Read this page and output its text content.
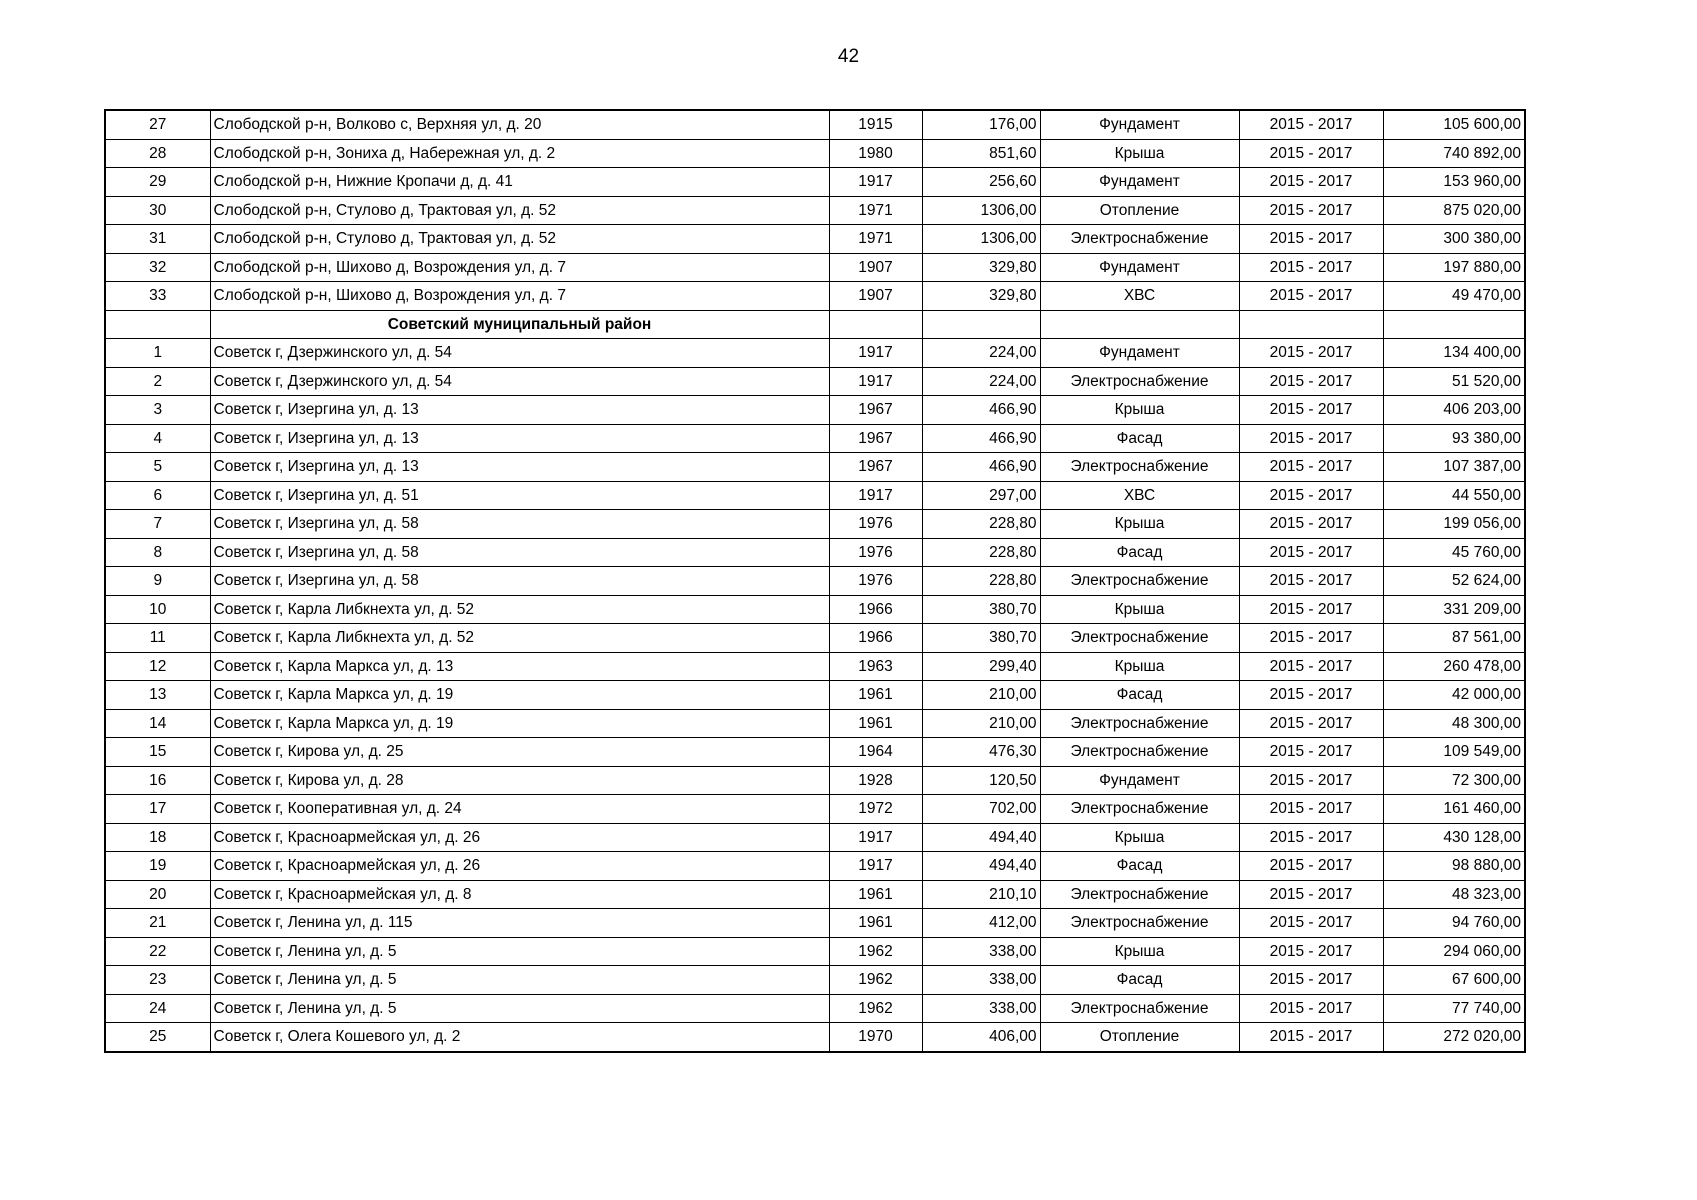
42
27	Слободской р-н, Волково с, Верхняя ул, д. 20	1915	176,00	Фундамент	2015 - 2017	105 600,00
28	Слободской р-н, Зониха д, Набережная ул, д. 2	1980	851,60	Крыша	2015 - 2017	740 892,00
29	Слободской р-н, Нижние Кропачи д, д. 41	1917	256,60	Фундамент	2015 - 2017	153 960,00
30	Слободской р-н, Стулово д, Трактовая ул, д. 52	1971	1306,00	Отопление	2015 - 2017	875 020,00
31	Слободской р-н, Стулово д, Трактовая ул, д. 52	1971	1306,00	Электроснабжение	2015 - 2017	300 380,00
32	Слободской р-н, Шихово д, Возрождения ул, д. 7	1907	329,80	Фундамент	2015 - 2017	197 880,00
33	Слободской р-н, Шихово д, Возрождения ул, д. 7	1907	329,80	ХВС	2015 - 2017	49 470,00
	Советский муниципальный район					
1	Советск г, Дзержинского ул, д. 54	1917	224,00	Фундамент	2015 - 2017	134 400,00
2	Советск г, Дзержинского ул, д. 54	1917	224,00	Электроснабжение	2015 - 2017	51 520,00
3	Советск г, Изергина ул, д. 13	1967	466,90	Крыша	2015 - 2017	406 203,00
4	Советск г, Изергина ул, д. 13	1967	466,90	Фасад	2015 - 2017	93 380,00
5	Советск г, Изергина ул, д. 13	1967	466,90	Электроснабжение	2015 - 2017	107 387,00
6	Советск г, Изергина ул, д. 51	1917	297,00	ХВС	2015 - 2017	44 550,00
7	Советск г, Изергина ул, д. 58	1976	228,80	Крыша	2015 - 2017	199 056,00
8	Советск г, Изергина ул, д. 58	1976	228,80	Фасад	2015 - 2017	45 760,00
9	Советск г, Изергина ул, д. 58	1976	228,80	Электроснабжение	2015 - 2017	52 624,00
10	Советск г, Карла Либкнехта ул, д. 52	1966	380,70	Крыша	2015 - 2017	331 209,00
11	Советск г, Карла Либкнехта ул, д. 52	1966	380,70	Электроснабжение	2015 - 2017	87 561,00
12	Советск г, Карла Маркса ул, д. 13	1963	299,40	Крыша	2015 - 2017	260 478,00
13	Советск г, Карла Маркса ул, д. 19	1961	210,00	Фасад	2015 - 2017	42 000,00
14	Советск г, Карла Маркса ул, д. 19	1961	210,00	Электроснабжение	2015 - 2017	48 300,00
15	Советск г, Кирова ул, д. 25	1964	476,30	Электроснабжение	2015 - 2017	109 549,00
16	Советск г, Кирова ул, д. 28	1928	120,50	Фундамент	2015 - 2017	72 300,00
17	Советск г, Кооперативная ул, д. 24	1972	702,00	Электроснабжение	2015 - 2017	161 460,00
18	Советск г, Красноармейская ул, д. 26	1917	494,40	Крыша	2015 - 2017	430 128,00
19	Советск г, Красноармейская ул, д. 26	1917	494,40	Фасад	2015 - 2017	98 880,00
20	Советск г, Красноармейская ул, д. 8	1961	210,10	Электроснабжение	2015 - 2017	48 323,00
21	Советск г, Ленина ул, д. 115	1961	412,00	Электроснабжение	2015 - 2017	94 760,00
22	Советск г, Ленина ул, д. 5	1962	338,00	Крыша	2015 - 2017	294 060,00
23	Советск г, Ленина ул, д. 5	1962	338,00	Фасад	2015 - 2017	67 600,00
24	Советск г, Ленина ул, д. 5	1962	338,00	Электроснабжение	2015 - 2017	77 740,00
25	Советск г, Олега Кошевого ул, д. 2	1970	406,00	Отопление	2015 - 2017	272 020,00
